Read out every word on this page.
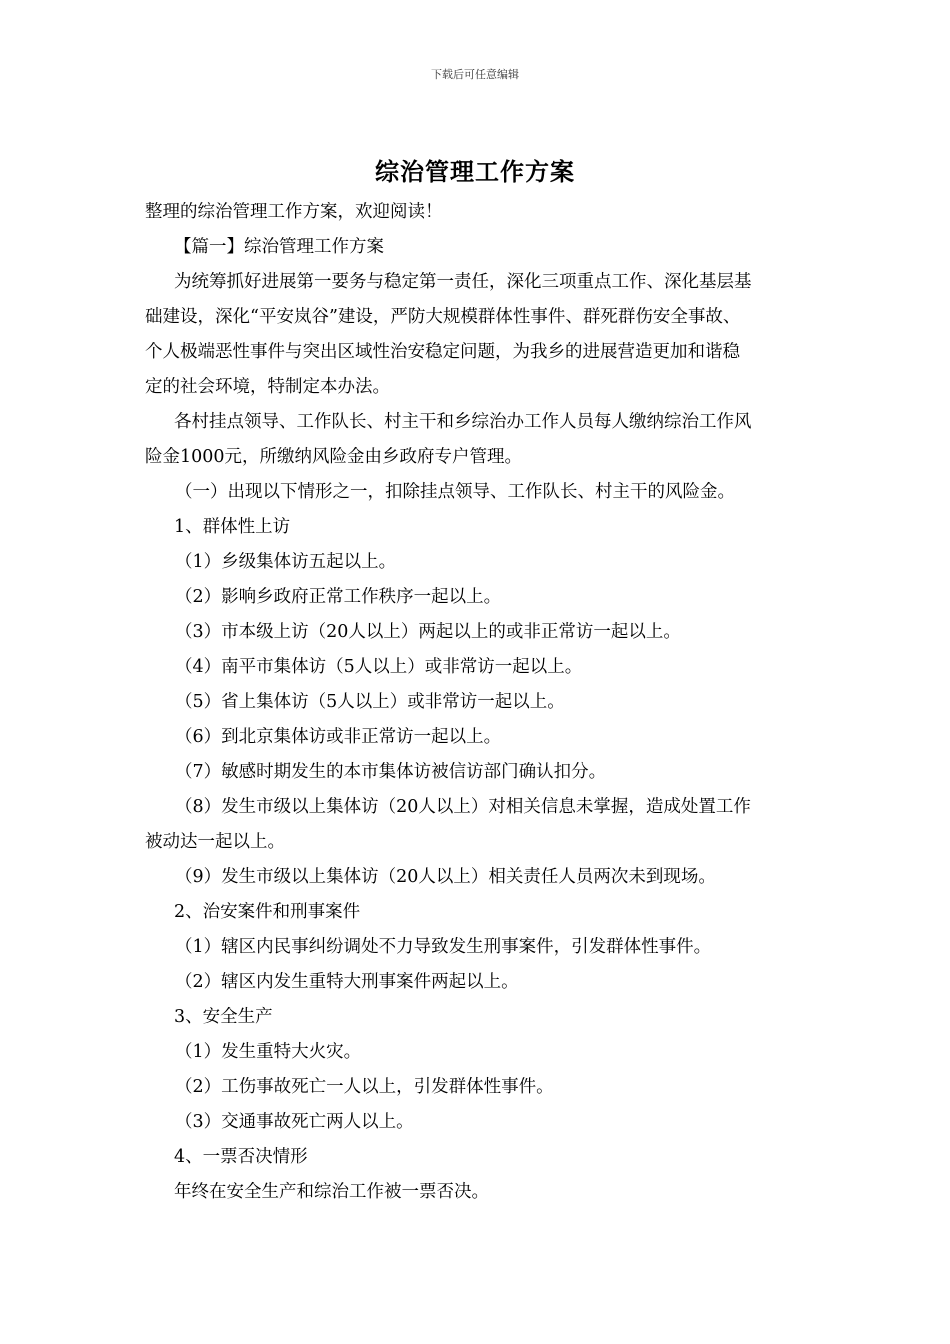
下载后可任意编辑
综治管理工作方案
整理的综治管理工作方案，欢迎阅读！
【篇一】综治管理工作方案
为统筹抓好进展第一要务与稳定第一责任，深化三项重点工作、深化基层基
础建设，深化“平安岚谷”建设，严防大规模群体性事件、群死群伤安全事故、
个人极端恶性事件与突出区域性治安稳定问题，为我乡的进展营造更加和谐稳
定的社会环境，特制定本办法。
各村挂点领导、工作队长、村主干和乡综治办工作人员每人缴纳综治工作风
险金1000元，所缴纳风险金由乡政府专户管理。
（一）出现以下情形之一，扣除挂点领导、工作队长、村主干的风险金。
1、群体性上访
（1）乡级集体访五起以上。
（2）影响乡政府正常工作秩序一起以上。
（3）市本级上访（20人以上）两起以上的或非正常访一起以上。
（4）南平市集体访（5人以上）或非常访一起以上。
（5）省上集体访（5人以上）或非常访一起以上。
（6）到北京集体访或非正常访一起以上。
（7）敏感时期发生的本市集体访被信访部门确认扣分。
（8）发生市级以上集体访（20人以上）对相关信息未掌握，造成处置工作
被动达一起以上。
（9）发生市级以上集体访（20人以上）相关责任人员两次未到现场。
2、治安案件和刑事案件
（1）辖区内民事纠纷调处不力导致发生刑事案件，引发群体性事件。
（2）辖区内发生重特大刑事案件两起以上。
3、安全生产
（1）发生重特大火灾。
（2）工伤事故死亡一人以上，引发群体性事件。
（3）交通事故死亡两人以上。
4、一票否决情形
年终在安全生产和综治工作被一票否决。
